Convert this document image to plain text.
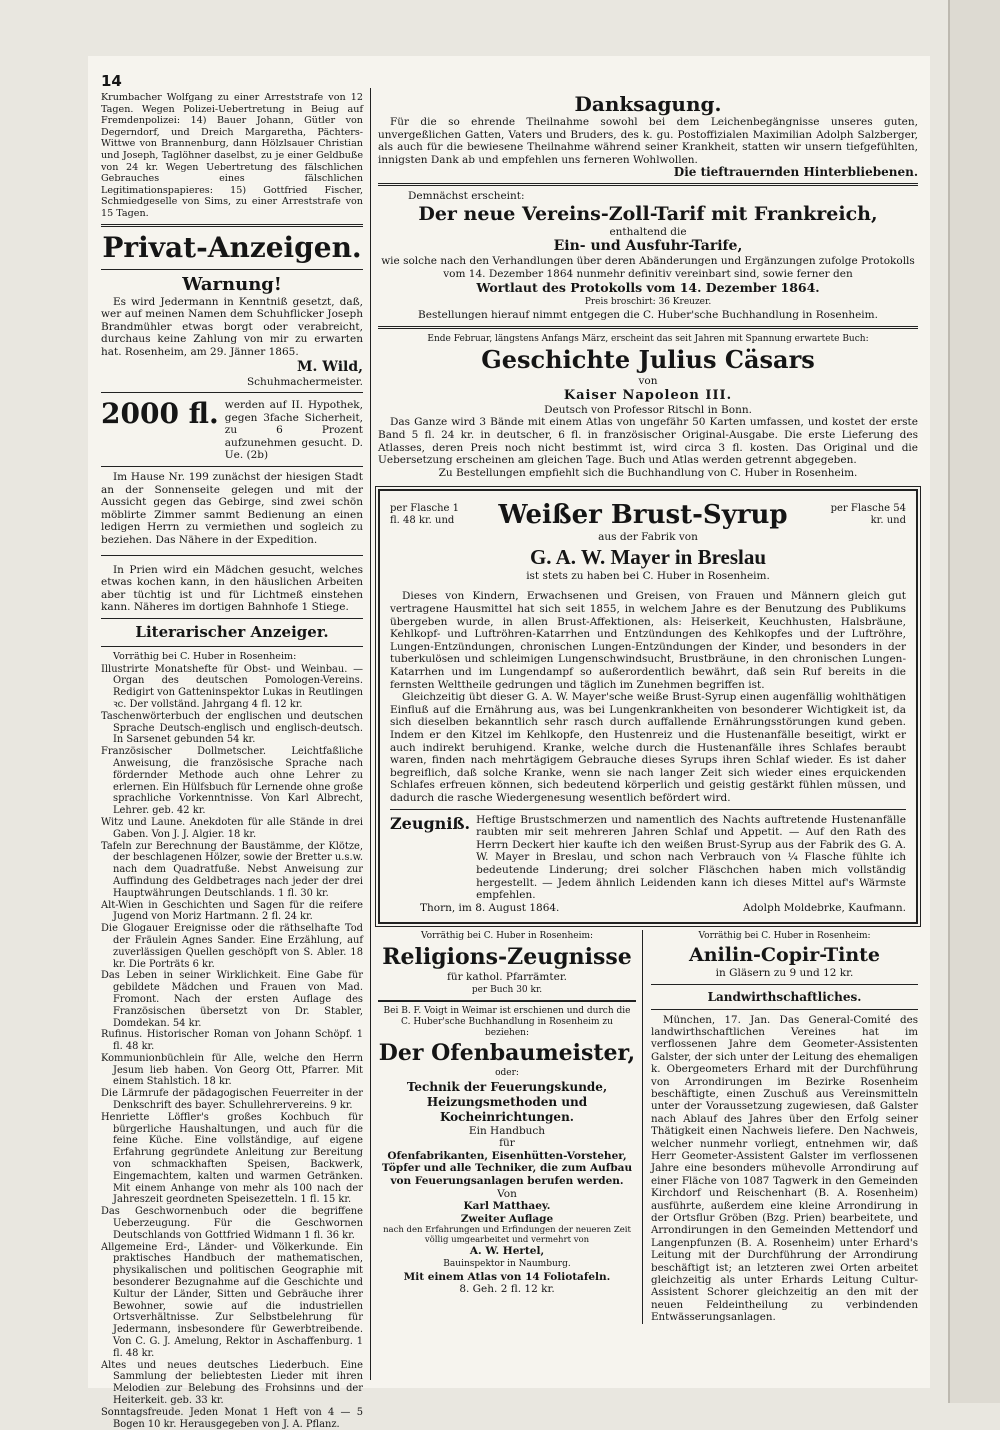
14

Krumbacher Wolfgang zu einer Arreststrafe von 12 Tagen. Wegen Polizei-Uebertretung in Beiug auf Fremdenpolizei: 14) Bauer Johann, Gütler von Degerndorf, und Dreich Margaretha, Pächters-Wittwe von Brannenburg, dann Hölzlsauer Christian und Joseph, Taglöhner daselbst, zu je einer Geldbuße von 24 kr. Wegen Uebertretung des fälschlichen Gebrauches eines fälschlichen Legitimationspapieres: 15) Gottfried Fischer, Schmiedgeselle von Sims, zu einer Arreststrafe von 15 Tagen.

Privat-Anzeigen.
Warnung!

Es wird Jedermann in Kenntniß gesetzt, daß, wer auf meinen Namen dem Schuhflicker Joseph Brandmühler etwas borgt oder verabreicht, durchaus keine Zahlung von mir zu erwarten hat. Rosenheim, am 29. Jänner 1865.

M. Wild,

Schuhmachermeister.

2000 fl. werden auf II. Hypothek, gegen 3fache Sicherheit, zu 6 Prozent aufzunehmen gesucht. D. Ue. (2b)

Im Hause Nr. 199 zunächst der hiesigen Stadt an der Sonnenseite gelegen und mit der Aussicht gegen das Gebirge, sind zwei schön möblirte Zimmer sammt Bedienung an einen ledigen Herrn zu vermiethen und sogleich zu beziehen. Das Nähere in der Expedition.

In Prien wird ein Mädchen gesucht, welches etwas kochen kann, in den häuslichen Arbeiten aber tüchtig ist und für Lichtmeß einstehen kann. Näheres im dortigen Bahnhofe 1 Stiege.

Literarischer Anzeiger.

Vorräthig bei C. Huber in Rosenheim:

Illustrirte Monatshefte für Obst- und Weinbau. — Organ des deutschen Pomologen-Vereins. Redigirt von Gatteninspektor Lukas in Reutlingen ꝛc. Der vollständ. Jahrgang 4 fl. 12 kr.

Taschenwörterbuch der englischen und deutschen Sprache Deutsch-englisch und englisch-deutsch. In Sarsenet gebunden 54 kr.

Französischer Dollmetscher. Leichtfaßliche Anweisung, die französische Sprache nach fördernder Methode auch ohne Lehrer zu erlernen. Ein Hülfsbuch für Lernende ohne große sprachliche Vorkenntnisse. Von Karl Albrecht, Lehrer. geb. 42 kr.

Witz und Laune. Anekdoten für alle Stände in drei Gaben. Von J. J. Algier. 18 kr.

Tafeln zur Berechnung der Baustämme, der Klötze, der beschlagenen Hölzer, sowie der Bretter u.s.w. nach dem Quadratfuße. Nebst Anweisung zur Auffindung des Geldbetrages nach jeder der drei Hauptwährungen Deutschlands. 1 fl. 30 kr.

Alt-Wien in Geschichten und Sagen für die reifere Jugend von Moriz Hartmann. 2 fl. 24 kr.

Die Glogauer Ereignisse oder die räthselhafte Tod der Fräulein Agnes Sander. Eine Erzählung, auf zuverlässigen Quellen geschöpft von S. Abler. 18 kr. Die Porträts 6 kr.

Das Leben in seiner Wirklichkeit. Eine Gabe für gebildete Mädchen und Frauen von Mad. Fromont. Nach der ersten Auflage des Französischen übersetzt von Dr. Stabler, Domdekan. 54 kr.

Rufinus. Historischer Roman von Johann Schöpf. 1 fl. 48 kr.

Kommunionbüchlein für Alle, welche den Herrn Jesum lieb haben. Von Georg Ott, Pfarrer. Mit einem Stahlstich. 18 kr.

Die Lärmrufe der pädagogischen Feuerreiter in der Denkschrift des bayer. Schullehrervereins. 9 kr.

Henriette Löffler's großes Kochbuch für bürgerliche Haushaltungen, und auch für die feine Küche. Eine vollständige, auf eigene Erfahrung gegründete Anleitung zur Bereitung von schmackhaften Speisen, Backwerk, Eingemachtem, kalten und warmen Getränken. Mit einem Anhange von mehr als 100 nach der Jahreszeit geordneten Speisezetteln. 1 fl. 15 kr.

Das Geschwornenbuch oder die begriffene Ueberzeugung. Für die Geschwornen Deutschlands von Gottfried Widmann 1 fl. 36 kr.

Allgemeine Erd-, Länder- und Völkerkunde. Ein praktisches Handbuch der mathematischen, physikalischen und politischen Geographie mit besonderer Bezugnahme auf die Geschichte und Kultur der Länder, Sitten und Gebräuche ihrer Bewohner, sowie auf die industriellen Ortsverhältnisse. Zur Selbstbelehrung für Jedermann, insbesondere für Gewerbtreibende. Von C. G. J. Amelung, Rektor in Aschaffenburg. 1 fl. 48 kr.

Altes und neues deutsches Liederbuch. Eine Sammlung der beliebtesten Lieder mit ihren Melodien zur Belebung des Frohsinns und der Heiterkeit. geb. 33 kr.

Sonntagsfreude. Jeden Monat 1 Heft von 4 — 5 Bogen 10 kr. Herausgegeben von J. A. Pflanz.

Danksagung.

Für die so ehrende Theilnahme sowohl bei dem Leichenbegängnisse unseres guten, unvergeßlichen Gatten, Vaters und Bruders, des k. gu. Postoffizialen Maximilian Adolph Salzberger, als auch für die bewiesene Theilnahme während seiner Krankheit, statten wir unsern tiefgefühlten, innigsten Dank ab und empfehlen uns ferneren Wohlwollen.

Die tieftrauernden Hinterbliebenen.

Demnächst erscheint:

Der neue Vereins-Zoll-Tarif mit Frankreich,

enthaltend die

Ein- und Ausfuhr-Tarife,

wie solche nach den Verhandlungen über deren Abänderungen und Ergänzungen zufolge Protokolls vom 14. Dezember 1864 nunmehr definitiv vereinbart sind, sowie ferner den

Wortlaut des Protokolls vom 14. Dezember 1864.

Preis broschirt: 36 Kreuzer.

Bestellungen hierauf nimmt entgegen die C. Huber'sche Buchhandlung in Rosenheim.

Ende Februar, längstens Anfangs März, erscheint das seit Jahren mit Spannung erwartete Buch:

Geschichte Julius Cäsars

von

Kaiser Napoleon III.

Deutsch von Professor Ritschl in Bonn.

Das Ganze wird 3 Bände mit einem Atlas von ungefähr 50 Karten umfassen, und kostet der erste Band 5 fl. 24 kr. in deutscher, 6 fl. in französischer Original-Ausgabe. Die erste Lieferung des Atlasses, deren Preis noch nicht bestimmt ist, wird circa 3 fl. kosten. Das Original und die Uebersetzung erscheinen am gleichen Tage. Buch und Atlas werden getrennt abgegeben.

Zu Bestellungen empfiehlt sich die Buchhandlung von C. Huber in Rosenheim.

per Flasche 1 fl. 48 kr. und	Weißer Brust-Syrup	per Flasche 54 kr. und

aus der Fabrik von

G. A. W. Mayer in Breslau

ist stets zu haben bei C. Huber in Rosenheim.

Dieses von Kindern, Erwachsenen und Greisen, von Frauen und Männern gleich gut vertragene Hausmittel hat sich seit 1855, in welchem Jahre es der Benutzung des Publikums übergeben wurde, in allen Brust-Affektionen, als: Heiserkeit, Keuchhusten, Halsbräune, Kehlkopf- und Luftröhren-Katarrhen und Entzündungen des Kehlkopfes und der Luftröhre, Lungen-Entzündungen, chronischen Lungen-Entzündungen der Kinder, und besonders in der tuberkulösen und schleimigen Lungenschwindsucht, Brustbräune, in den chronischen Lungen-Katarrhen und im Lungendampf so außerordentlich bewährt, daß sein Ruf bereits in die fernsten Welttheile gedrungen und täglich im Zunehmen begriffen ist.

Gleichzeitig übt dieser G. A. W. Mayer'sche weiße Brust-Syrup einen augenfällig wohlthätigen Einfluß auf die Ernährung aus, was bei Lungenkrankheiten von besonderer Wichtigkeit ist, da sich dieselben bekanntlich sehr rasch durch auffallende Ernährungsstörungen kund geben. Indem er den Kitzel im Kehlkopfe, den Hustenreiz und die Hustenanfälle beseitigt, wirkt er auch indirekt beruhigend. Kranke, welche durch die Hustenanfälle ihres Schlafes beraubt waren, finden nach mehrtägigem Gebrauche dieses Syrups ihren Schlaf wieder. Es ist daher begreiflich, daß solche Kranke, wenn sie nach langer Zeit sich wieder eines erquickenden Schlafes erfreuen können, sich bedeutend körperlich und geistig gestärkt fühlen müssen, und dadurch die rasche Wiedergenesung wesentlich befördert wird.

Zeugniß. Heftige Brustschmerzen und namentlich des Nachts auftretende Hustenanfälle raubten mir seit mehreren Jahren Schlaf und Appetit. — Auf den Rath des Herrn Deckert hier kaufte ich den weißen Brust-Syrup aus der Fabrik des G. A. W. Mayer in Breslau, und schon nach Verbrauch von ¼ Flasche fühlte ich bedeutende Linderung; drei solcher Fläschchen haben mich vollständig hergestellt. — Jedem ähnlich Leidenden kann ich dieses Mittel auf's Wärmste empfehlen.

Thorn, im 8. August 1864.	Adolph Moldebrke, Kaufmann.

Vorräthig bei C. Huber in Rosenheim:

Religions-Zeugnisse

für kathol. Pfarrämter.

per Buch 30 kr.

Bei B. F. Voigt in Weimar ist erschienen und durch die C. Huber'sche Buchhandlung in Rosenheim zu beziehen:

Der Ofenbaumeister,

oder:

Technik der Feuerungskunde, Heizungsmethoden und Kocheinrichtungen.

Ein Handbuch

für

Ofenfabrikanten, Eisenhütten-Vorsteher, Töpfer und alle Techniker, die zum Aufbau von Feuerungsanlagen berufen werden.

Von

Karl Matthaey.

Zweiter Auflage

nach den Erfahrungen und Erfindungen der neueren Zeit völlig umgearbeitet und vermehrt von

A. W. Hertel,

Bauinspektor in Naumburg.

Mit einem Atlas von 14 Foliotafeln.

8. Geh. 2 fl. 12 kr.

Vorräthig bei C. Huber in Rosenheim:

Anilin-Copir-Tinte

in Gläsern zu 9 und 12 kr.

Landwirthschaftliches.

München, 17. Jan. Das General-Comité des landwirthschaftlichen Vereines hat im verflossenen Jahre dem Geometer-Assistenten Galster, der sich unter der Leitung des ehemaligen k. Obergeometers Erhard mit der Durchführung von Arrondirungen im Bezirke Rosenheim beschäftigte, einen Zuschuß aus Vereinsmitteln unter der Voraussetzung zugewiesen, daß Galster nach Ablauf des Jahres über den Erfolg seiner Thätigkeit einen Nachweis liefere. Den Nachweis, welcher nunmehr vorliegt, entnehmen wir, daß Herr Geometer-Assistent Galster im verflossenen Jahre eine besonders mühevolle Arrondirung auf einer Fläche von 1087 Tagwerk in den Gemeinden Kirchdorf und Reischenhart (B. A. Rosenheim) ausführte, außerdem eine kleine Arrondirung in der Ortsflur Gröben (Bzg. Prien) bearbeitete, und Arrondirungen in den Gemeinden Mettendorf und Langenpfunzen (B. A. Rosenheim) unter Erhard's Leitung mit der Durchführung der Arrondirung beschäftigt ist; an letzteren zwei Orten arbeitet gleichzeitig als unter Erhards Leitung Cultur-Assistent Schorer gleichzeitig an den mit der neuen Feldeintheilung zu verbindenden Entwässerungsanlagen.
